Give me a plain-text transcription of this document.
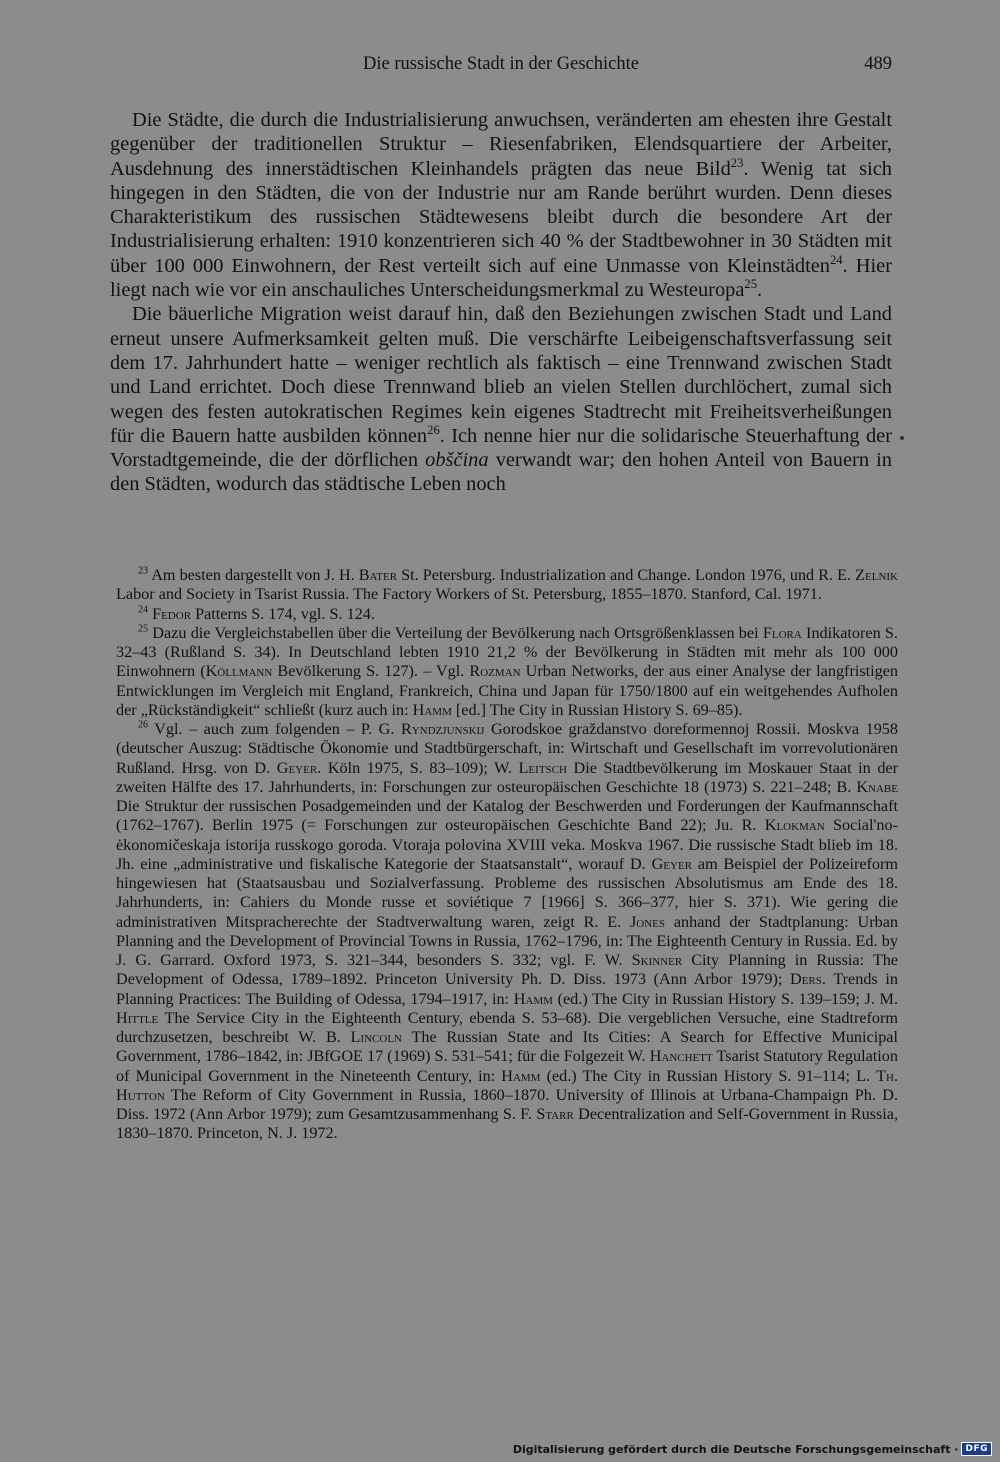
Die russische Stadt in der Geschichte	489

Die Städte, die durch die Industrialisierung anwuchsen, veränderten am ehesten ihre Gestalt gegenüber der traditionellen Struktur – Riesenfabriken, Elendsquartiere der Arbeiter, Ausdehnung des innerstädtischen Kleinhandels prägten das neue Bild$^{23}$. Wenig tat sich hingegen in den Städten, die von der Industrie nur am Rande berührt wurden. Denn dieses Charakteristikum des russischen Städtewesens bleibt durch die besondere Art der Industrialisierung erhalten: 1910 konzentrieren sich 40 % der Stadtbewohner in 30 Städten mit über 100 000 Einwohnern, der Rest verteilt sich auf eine Unmasse von Kleinstädten$^{24}$. Hier liegt nach wie vor ein anschauliches Unterscheidungsmerkmal zu Westeuropa$^{25}$.

Die bäuerliche Migration weist darauf hin, daß den Beziehungen zwischen Stadt und Land erneut unsere Aufmerksamkeit gelten muß. Die verschärfte Leibeigenschaftsverfassung seit dem 17. Jahrhundert hatte – weniger rechtlich als faktisch – eine Trennwand zwischen Stadt und Land errichtet. Doch diese Trennwand blieb an vielen Stellen durchlöchert, zumal sich wegen des festen autokratischen Regimes kein eigenes Stadtrecht mit Freiheitsverheißungen für die Bauern hatte ausbilden können$^{26}$. Ich nenne hier nur die solidarische Steuerhaftung der Vorstadtgemeinde, die der dörflichen obščina verwandt war; den hohen Anteil von Bauern in den Städten, wodurch das städtische Leben noch

$^{23}$ Am besten dargestellt von J. H. Bater St. Petersburg. Industrialization and Change. London 1976, und R. E. Zelnik Labor and Society in Tsarist Russia. The Factory Workers of St. Petersburg, 1855–1870. Stanford, Cal. 1971.

$^{24}$ Fedor Patterns S. 174, vgl. S. 124.

$^{25}$ Dazu die Vergleichstabellen über die Verteilung der Bevölkerung nach Ortsgrößenklassen bei Flora Indikatoren S. 32–43 (Rußland S. 34). In Deutschland lebten 1910 21,2 % der Bevölkerung in Städten mit mehr als 100 000 Einwohnern (Köllmann Bevölkerung S. 127). – Vgl. Rozman Urban Networks, der aus einer Analyse der langfristigen Entwicklungen im Vergleich mit England, Frankreich, China und Japan für 1750/1800 auf ein weitgehendes Aufholen der „Rückständigkeit“ schließt (kurz auch in: Hamm [ed.] The City in Russian History S. 69–85).

$^{26}$ Vgl. – auch zum folgenden – P. G. Ryndzjunskij Gorodskoe graždanstvo doreformennoj Rossii. Moskva 1958 (deutscher Auszug: Städtische Ökonomie und Stadtbürgerschaft, in: Wirtschaft und Gesellschaft im vorrevolutionären Rußland. Hrsg. von D. Geyer. Köln 1975, S. 83–109); W. Leitsch Die Stadtbevölkerung im Moskauer Staat in der zweiten Hälfte des 17. Jahrhunderts, in: Forschungen zur osteuropäischen Geschichte 18 (1973) S. 221–248; B. Knabe Die Struktur der russischen Posadgemeinden und der Katalog der Beschwerden und Forderungen der Kaufmannschaft (1762–1767). Berlin 1975 (= Forschungen zur osteuropäischen Geschichte Band 22); Ju. R. Klokman Social'no-ėkonomičeskaja istorija russkogo goroda. Vtoraja polovina XVIII veka. Moskva 1967. Die russische Stadt blieb im 18. Jh. eine „administrative und fiskalische Kategorie der Staatsanstalt“, worauf D. Geyer am Beispiel der Polizeireform hingewiesen hat (Staatsausbau und Sozialverfassung. Probleme des russischen Absolutismus am Ende des 18. Jahrhunderts, in: Cahiers du Monde russe et soviétique 7 [1966] S. 366–377, hier S. 371). Wie gering die administrativen Mitspracherechte der Stadtverwaltung waren, zeigt R. E. Jones anhand der Stadtplanung: Urban Planning and the Development of Provincial Towns in Russia, 1762–1796, in: The Eighteenth Century in Russia. Ed. by J. G. Garrard. Oxford 1973, S. 321–344, besonders S. 332; vgl. F. W. Skinner City Planning in Russia: The Development of Odessa, 1789–1892. Princeton University Ph. D. Diss. 1973 (Ann Arbor 1979); Ders. Trends in Planning Practices: The Building of Odessa, 1794–1917, in: Hamm (ed.) The City in Russian History S. 139–159; J. M. Hittle The Service City in the Eighteenth Century, ebenda S. 53–68). Die vergeblichen Versuche, eine Stadtreform durchzusetzen, beschreibt W. B. Lincoln The Russian State and Its Cities: A Search for Effective Municipal Government, 1786–1842, in: JBfGOE 17 (1969) S. 531–541; für die Folgezeit W. Hanchett Tsarist Statutory Regulation of Municipal Government in the Nineteenth Century, in: Hamm (ed.) The City in Russian History S. 91–114; L. Th. Hutton The Reform of City Government in Russia, 1860–1870. University of Illinois at Urbana-Champaign Ph. D. Diss. 1972 (Ann Arbor 1979); zum Gesamtzusammenhang S. F. Starr Decentralization and Self-Government in Russia, 1830–1870. Princeton, N. J. 1972.

Digitalisierung gefördert durch die Deutsche Forschungsgemeinschaft · DFG
